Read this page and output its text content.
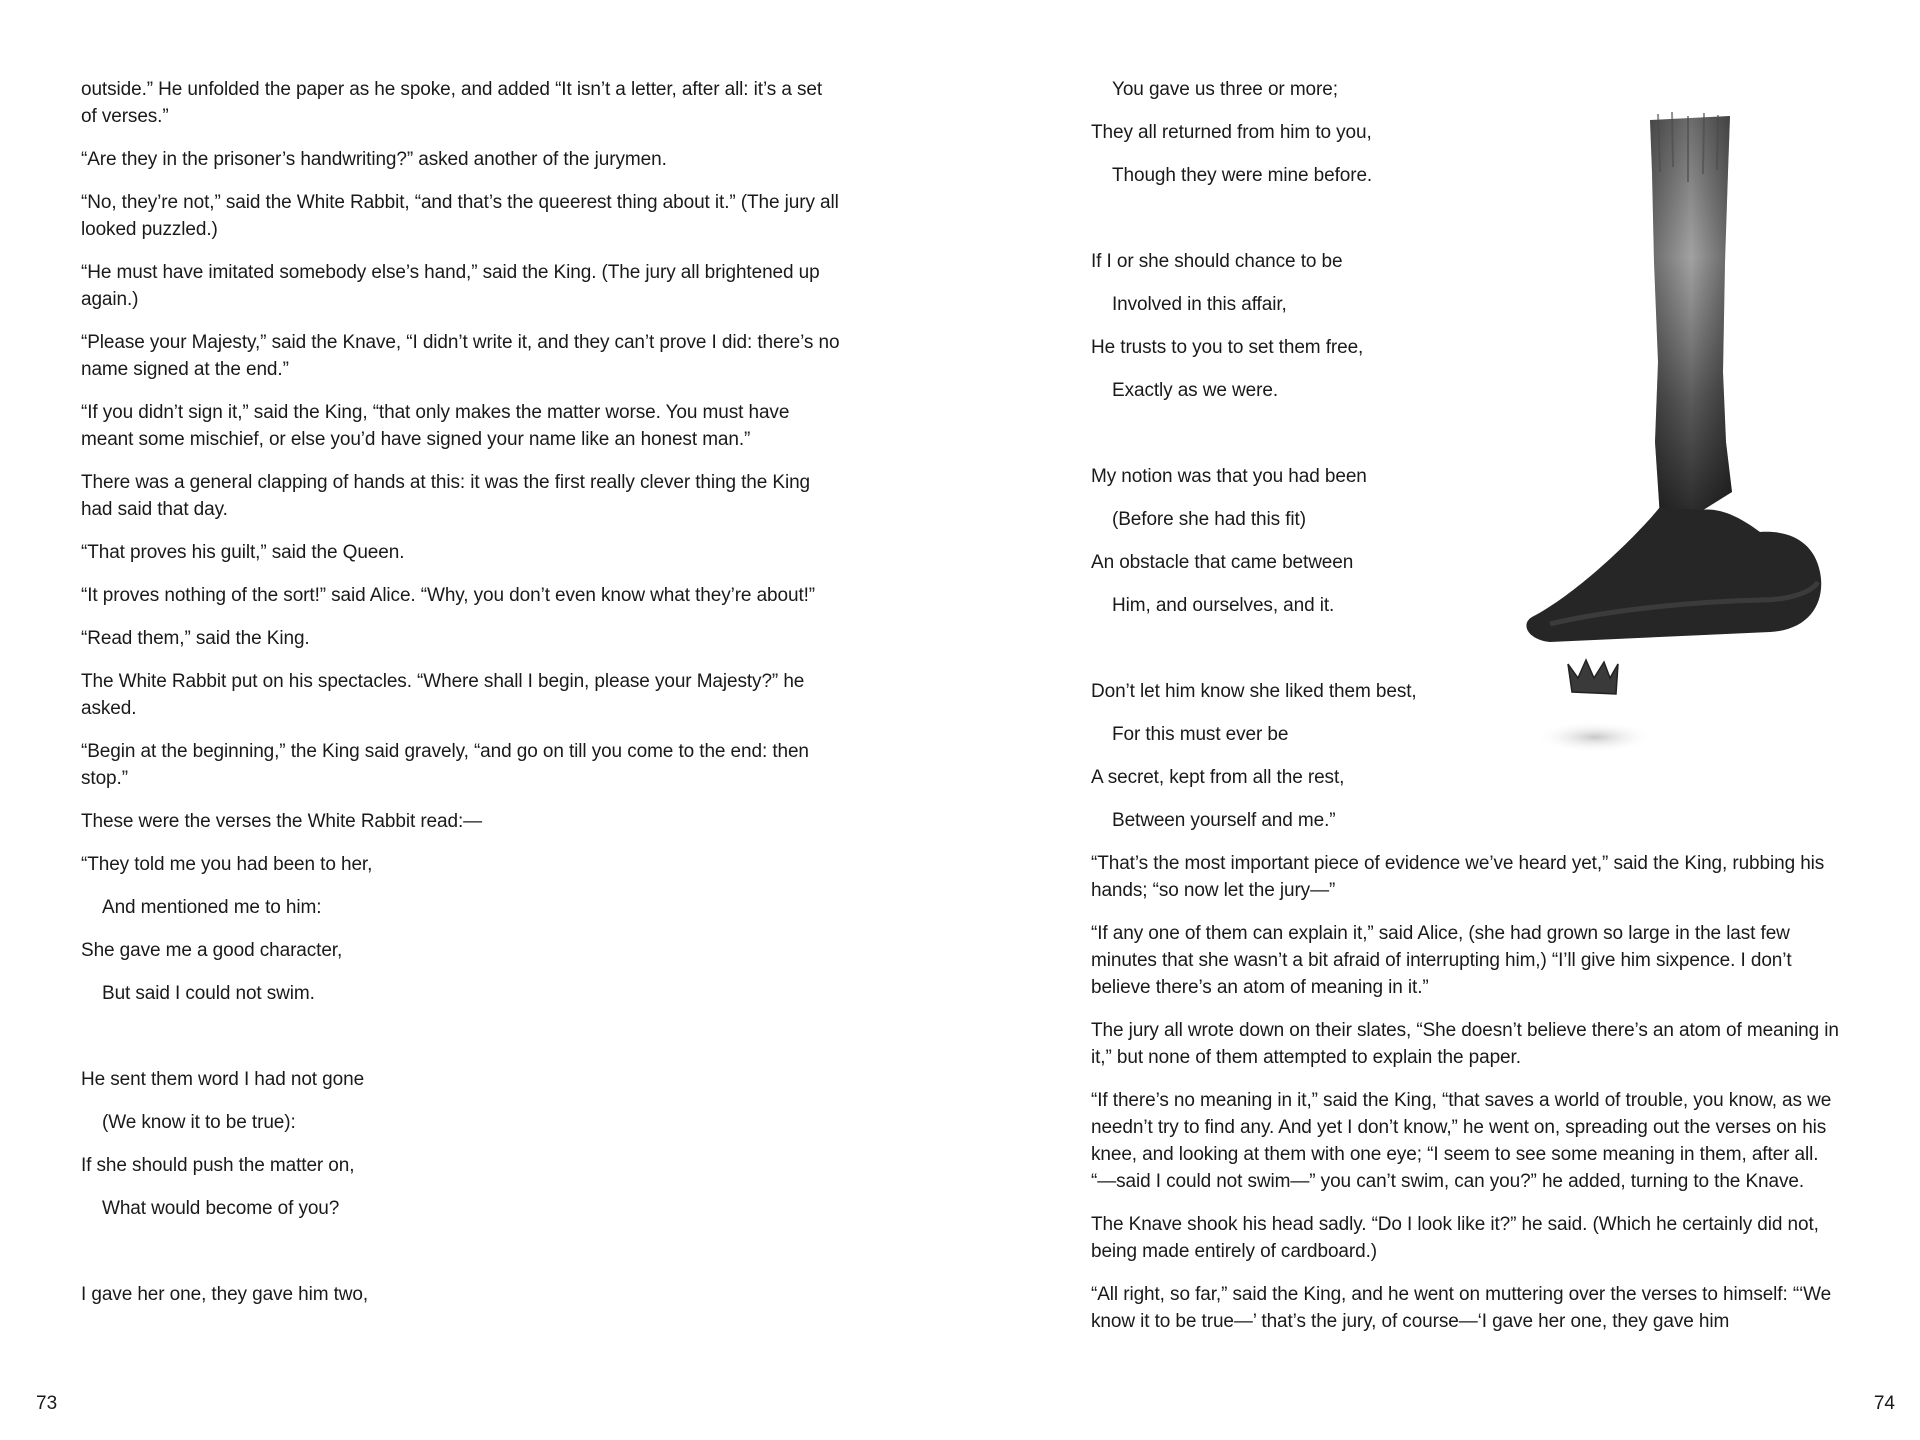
outside.” He unfolded the paper as he spoke, and added “It isn’t a letter, after all: it’s a set of verses.”
“Are they in the prisoner’s handwriting?” asked another of the jurymen.
“No, they’re not,” said the White Rabbit, “and that’s the queerest thing about it.” (The jury all looked puzzled.)
“He must have imitated somebody else’s hand,” said the King. (The jury all brightened up again.)
“Please your Majesty,” said the Knave, “I didn’t write it, and they can’t prove I did: there’s no name signed at the end.”
“If you didn’t sign it,” said the King, “that only makes the matter worse. You must have meant some mischief, or else you’d have signed your name like an honest man.”
There was a general clapping of hands at this: it was the first really clever thing the King had said that day.
“That proves his guilt,” said the Queen.
“It proves nothing of the sort!” said Alice. “Why, you don’t even know what they’re about!”
“Read them,” said the King.
The White Rabbit put on his spectacles. “Where shall I begin, please your Majesty?” he asked.
“Begin at the beginning,” the King said gravely, “and go on till you come to the end: then stop.”
These were the verses the White Rabbit read:—
“They told me you had been to her,
And mentioned me to him:
She gave me a good character,
But said I could not swim.
He sent them word I had not gone
(We know it to be true):
If she should push the matter on,
What would become of you?
I gave her one, they gave him two,
73
You gave us three or more;
They all returned from him to you,
Though they were mine before.
If I or she should chance to be
Involved in this affair,
He trusts to you to set them free,
Exactly as we were.
My notion was that you had been
(Before she had this fit)
An obstacle that came between
Him, and ourselves, and it.
Don’t let him know she liked them best,
For this must ever be
A secret, kept from all the rest,
Between yourself and me.”
“That’s the most important piece of evidence we’ve heard yet,” said the King, rubbing his hands; “so now let the jury—”
“If any one of them can explain it,” said Alice, (she had grown so large in the last few minutes that she wasn’t a bit afraid of interrupting him,) “I’ll give him sixpence. I don’t believe there’s an atom of meaning in it.”
The jury all wrote down on their slates, “She doesn’t believe there’s an atom of meaning in it,” but none of them attempted to explain the paper.
“If there’s no meaning in it,” said the King, “that saves a world of trouble, you know, as we needn’t try to find any. And yet I don’t know,” he went on, spreading out the verses on his knee, and looking at them with one eye; “I seem to see some meaning in them, after all. “—said I could not swim—” you can’t swim, can you?” he added, turning to the Knave.
The Knave shook his head sadly. “Do I look like it?” he said. (Which he certainly did not, being made entirely of cardboard.)
“All right, so far,” said the King, and he went on muttering over the verses to himself: “‘We know it to be true—’ that’s the jury, of course—‘I gave her one, they gave him
74
